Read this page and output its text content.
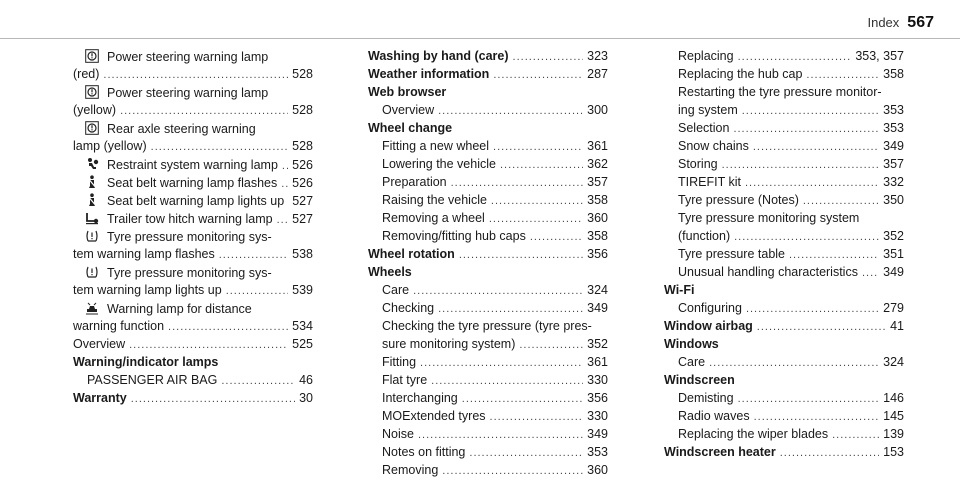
Index 567
Power steering warning lamp
(red) .....	528
Power steering warning lamp
(yellow) .....	528
Rear axle steering warning
lamp (yellow) .....	528
Restraint system warning lamp ..... 526
Seat belt warning lamp flashes ..... 526
Seat belt warning lamp lights up 527
Trailer tow hitch warning lamp ..... 527
Tyre pressure monitoring sys-
tem warning lamp flashes .....	538
Tyre pressure monitoring sys-
tem warning lamp lights up .....	539
Warning lamp for distance
warning function .....	534
Overview .....	525
Warning/indicator lamps
PASSENGER AIR BAG .....	46
Warranty .....	30
Washing by hand (care) .....	323
Weather information .....	287
Web browser
Overview .....	300
Wheel change
Fitting a new wheel .....	361
Lowering the vehicle .....	362
Preparation .....	357
Raising the vehicle .....	358
Removing a wheel .....	360
Removing/fitting hub caps .....	358
Wheel rotation .....	356
Wheels
Care .....	324
Checking .....	349
Checking the tyre pressure (tyre pres-
sure monitoring system) .....	352
Fitting .....	361
Flat tyre .....	330
Interchanging .....	356
MOExtended tyres .....	330
Noise .....	349
Notes on fitting .....	353
Removing .....	360
Replacing .....	353, 357
Replacing the hub cap .....	358
Restarting the tyre pressure monitor-
ing system .....	353
Selection .....	353
Snow chains .....	349
Storing .....	357
TIREFIT kit .....	332
Tyre pressure (Notes) .....	350
Tyre pressure monitoring system
(function) .....	352
Tyre pressure table .....	351
Unusual handling characteristics ..... 349
Wi-Fi
Configuring .....	279
Window airbag .....	41
Windows
Care .....	324
Windscreen
Demisting .....	146
Radio waves .....	145
Replacing the wiper blades .....	139
Windscreen heater .....	153
